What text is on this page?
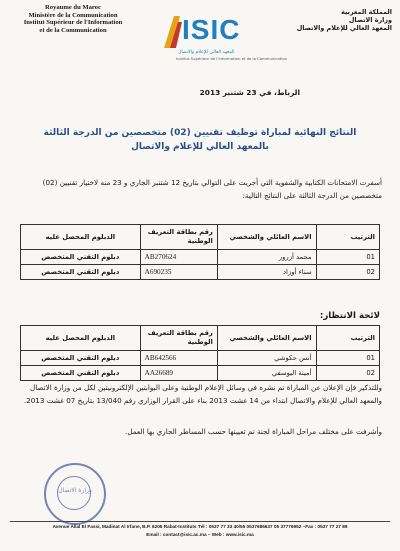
Royaume du Maroc
Ministère de la Communication
Institut Supérieur de l'Information
et de la Communication	ISIC
المعهد العالي للإعلام والاتصال
Institut Supérieur de l'Information et de la Communication
المملكة المغربية
وزارة الاتصال
المعهد العالي للإعلام والاتصال
الرباط، في 23 شتنبر 2013
النتائج النهائية لمباراة توظيف تقنيين (02) متخصصين من الدرجة الثالثة
بالمعهد العالي للإعلام والاتصال
أسفرت الامتحانات الكتابية والشفوية التي أجريت على التوالي بتاريخ 12 شتنبر الجاري و 23 منه لاختيار تقنيين (02) متخصصين من الدرجة الثالثة على النتائج التالية:
الترتيب	الاسم العائلي والشخصي	رقم بطاقة التعريف الوطنية	الدبلوم المحصل عليه
01	محمد أزرور	AB270624	دبلوم التقني المتخصص
02	سناء أوزاد	A690235	دبلوم التقني المتخصص
لائحة الانتظار:
الترتيب	الاسم العائلي والشخصي	رقم بطاقة التعريف الوطنية	الدبلوم المحصل عليه
01	أنس حكوشي	AB642566	دبلوم التقني المتخصص
02	أمينة اليوسفي	AA26689	دبلوم التقني المتخصص
وللتذكير فإن الإعلان عن المباراة تم نشره في وسائل الإعلام الوطنية وعلى البوابتين الإلكترونيتين لكل من وزارة الاتصال والمعهد العالي للإعلام والاتصال ابتداء من 14 غشت 2013 بناء على القرار الوزاري رقم 13/040 بتاريخ 07 غشت 2013.
وأشرفت على مختلف مراحل المباراة لجنة تم تعيينها حسب المساطر الجاري بها العمل.
وزارة الاتصال
Avenue Allal El Fassi, Madinat Al Irfane, B.P. 6205 Rabat-Instituts Tél : 0537 77 33 40/55 0537686637 05 37776952 –Fax : 0537 77 27 89
Email : contact@isic.ac.ma – Web : www.isic.ma
